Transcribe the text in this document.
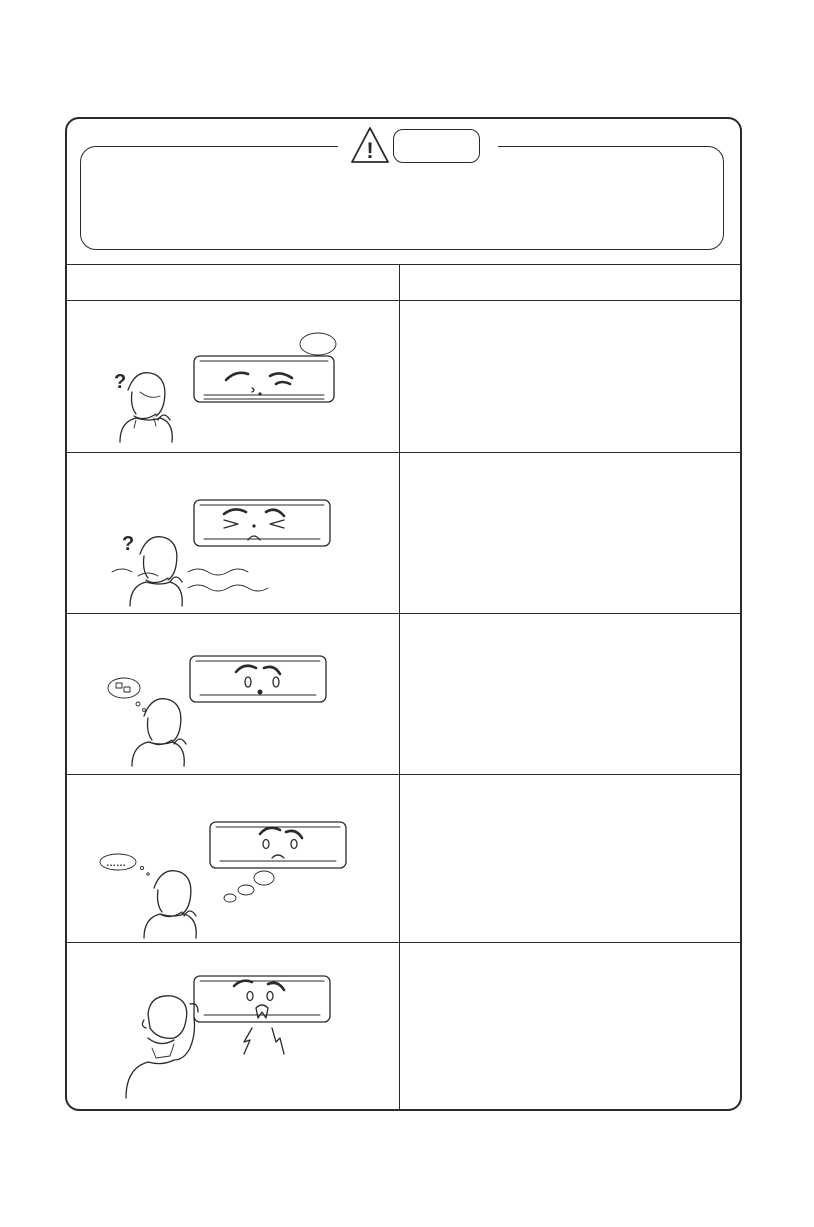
!
?
?
……
